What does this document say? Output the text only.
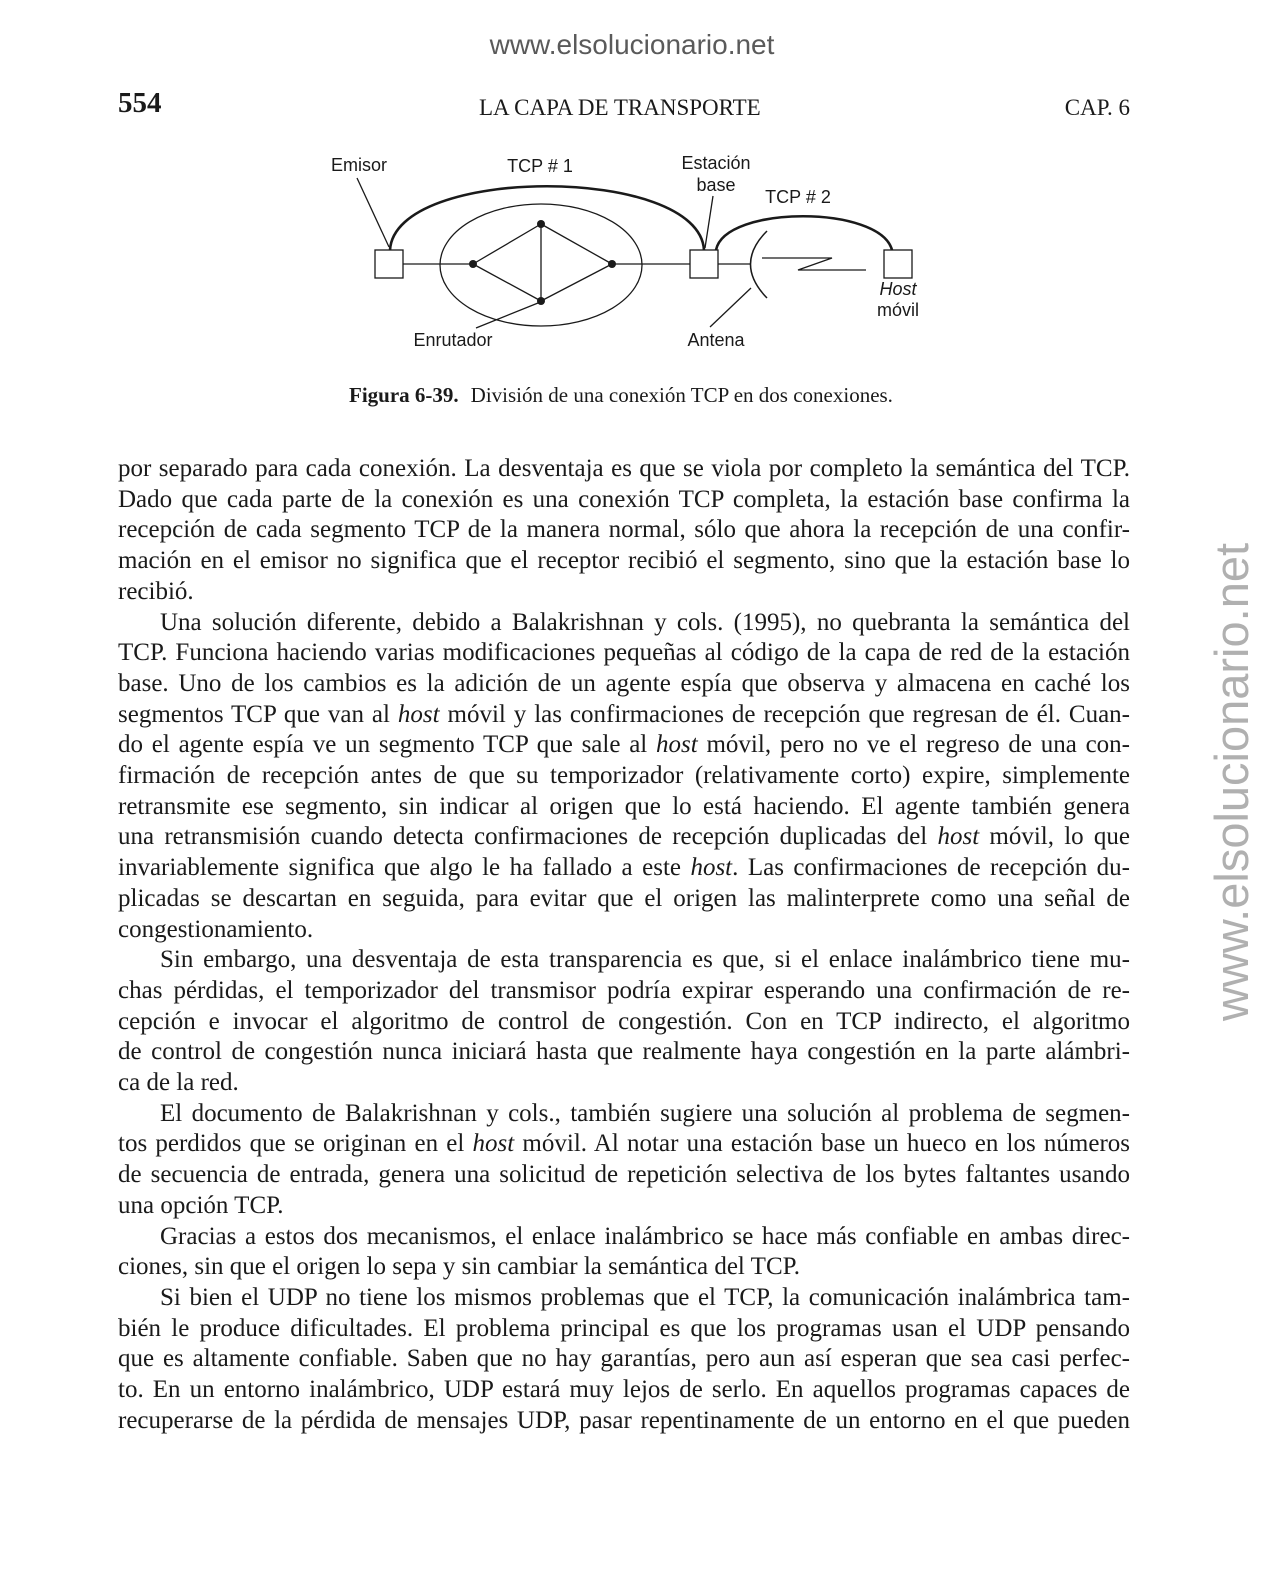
www.elsolucionario.net
www.elsolucionario.net
554	LA CAPA DE TRANSPORTE	CAP. 6
Emisor	TCP # 1	Estación
base
TCP # 2
Host
móvil
Enrutador	Antena
Figura 6-39. División de una conexión TCP en dos conexiones.
por separado para cada conexión. La desventaja es que se viola por completo la semántica del TCP.
Dado que cada parte de la conexión es una conexión TCP completa, la estación base confirma la
recepción de cada segmento TCP de la manera normal, sólo que ahora la recepción de una confir-
mación en el emisor no significa que el receptor recibió el segmento, sino que la estación base lo
recibió.
Una solución diferente, debido a Balakrishnan y cols. (1995), no quebranta la semántica del
TCP. Funciona haciendo varias modificaciones pequeñas al código de la capa de red de la estación
base. Uno de los cambios es la adición de un agente espía que observa y almacena en caché los
segmentos TCP que van al host móvil y las confirmaciones de recepción que regresan de él. Cuan-
do el agente espía ve un segmento TCP que sale al host móvil, pero no ve el regreso de una con-
firmación de recepción antes de que su temporizador (relativamente corto) expire, simplemente
retransmite ese segmento, sin indicar al origen que lo está haciendo. El agente también genera
una retransmisión cuando detecta confirmaciones de recepción duplicadas del host móvil, lo que
invariablemente significa que algo le ha fallado a este host. Las confirmaciones de recepción du-
plicadas se descartan en seguida, para evitar que el origen las malinterprete como una señal de
congestionamiento.
Sin embargo, una desventaja de esta transparencia es que, si el enlace inalámbrico tiene mu-
chas pérdidas, el temporizador del transmisor podría expirar esperando una confirmación de re-
cepción e invocar el algoritmo de control de congestión. Con en TCP indirecto, el algoritmo
de control de congestión nunca iniciará hasta que realmente haya congestión en la parte alámbri-
ca de la red.
El documento de Balakrishnan y cols., también sugiere una solución al problema de segmen-
tos perdidos que se originan en el host móvil. Al notar una estación base un hueco en los números
de secuencia de entrada, genera una solicitud de repetición selectiva de los bytes faltantes usando
una opción TCP.
Gracias a estos dos mecanismos, el enlace inalámbrico se hace más confiable en ambas direc-
ciones, sin que el origen lo sepa y sin cambiar la semántica del TCP.
Si bien el UDP no tiene los mismos problemas que el TCP, la comunicación inalámbrica tam-
bién le produce dificultades. El problema principal es que los programas usan el UDP pensando
que es altamente confiable. Saben que no hay garantías, pero aun así esperan que sea casi perfec-
to. En un entorno inalámbrico, UDP estará muy lejos de serlo. En aquellos programas capaces de
recuperarse de la pérdida de mensajes UDP, pasar repentinamente de un entorno en el que pueden
